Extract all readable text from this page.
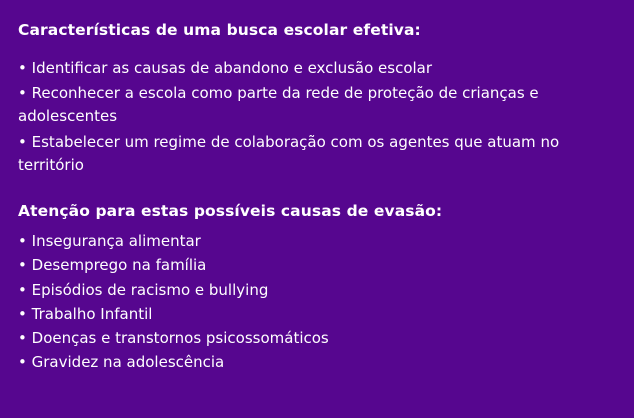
Características de uma busca escolar efetiva:
• Identificar as causas de abandono e exclusão escolar
• Reconhecer a escola como parte da rede de proteção de crianças e adolescentes
• Estabelecer um regime de colaboração com os agentes que atuam no território
Atenção para estas possíveis causas de evasão:
• Insegurança alimentar
• Desemprego na família
• Episódios de racismo e bullying
• Trabalho Infantil
• Doenças e transtornos psicossomáticos
• Gravidez na adolescência
